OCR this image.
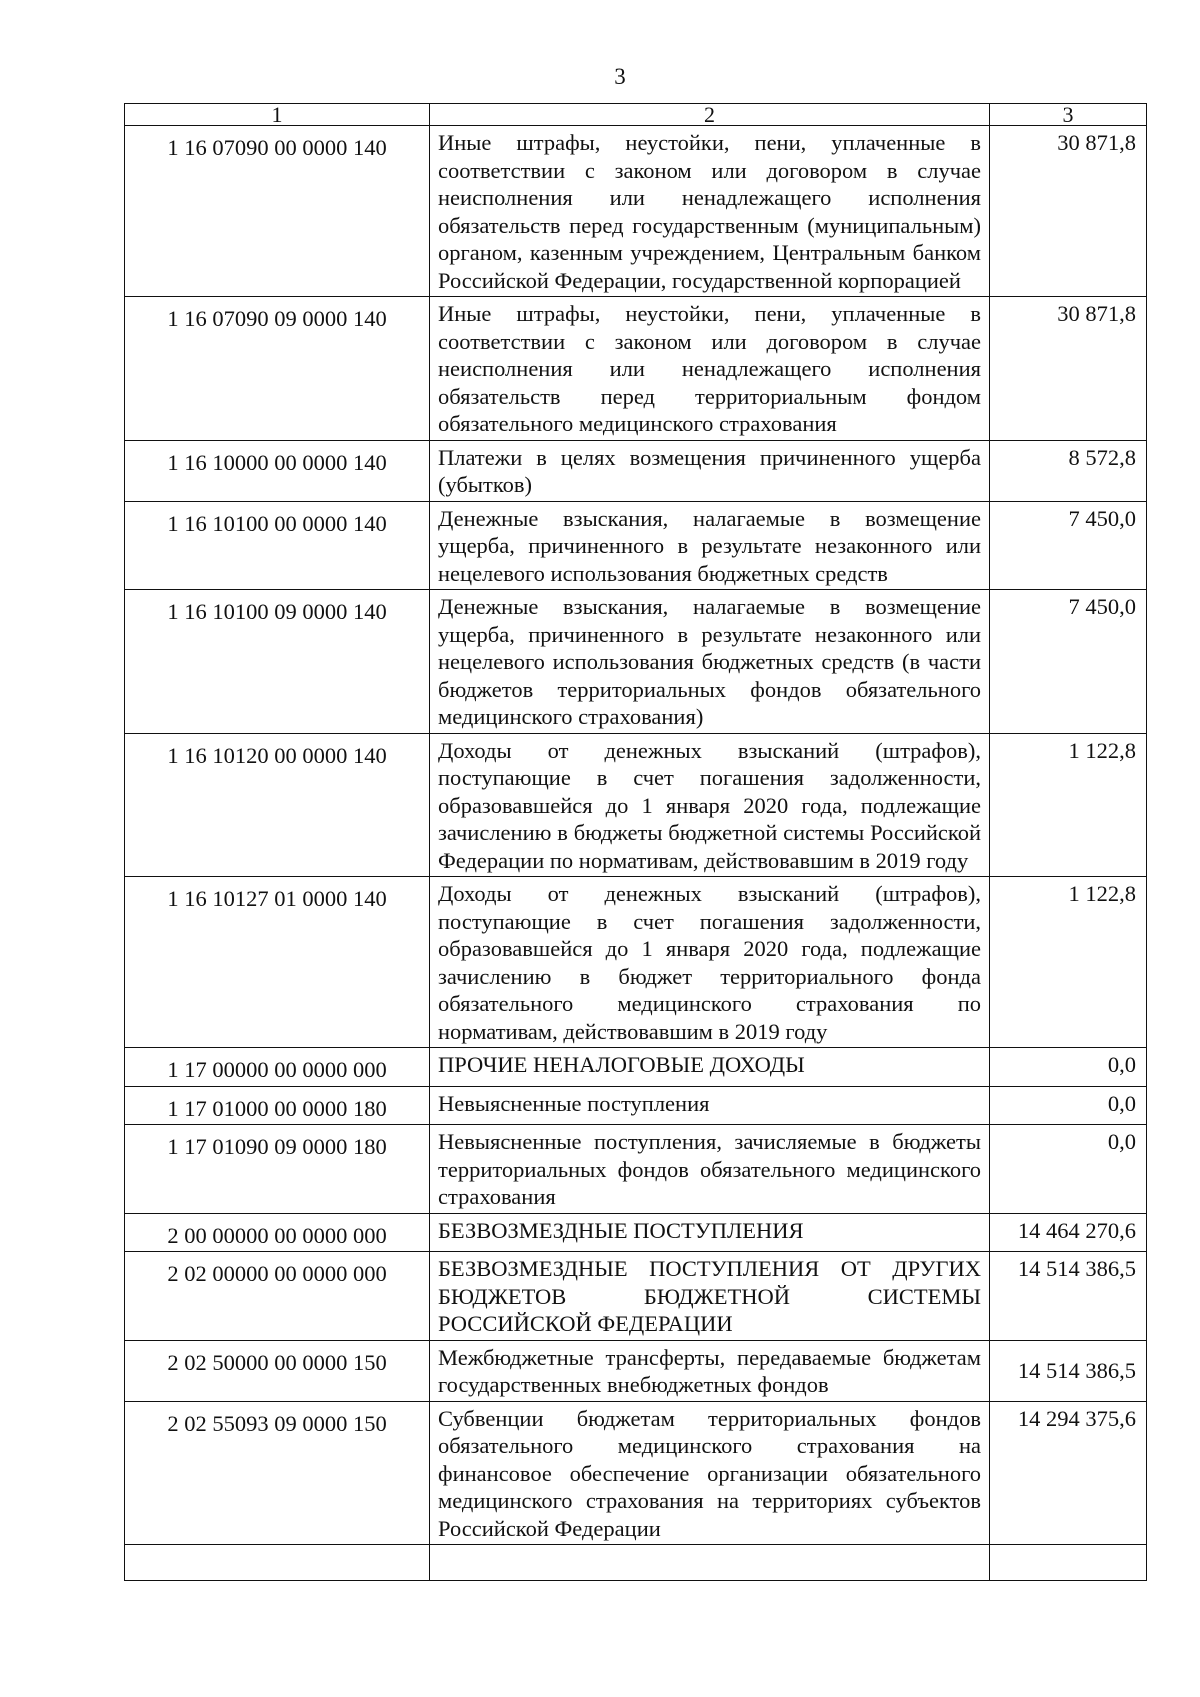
3
1	2	3
1 16 07090 00 0000 140	Иные штрафы, неустойки, пени, уплаченные в соответствии с законом или договором в случае неисполнения или ненадлежащего исполнения обязательств перед государственным (муниципальным) органом, казенным учреждением, Центральным банком Российской Федерации, государственной корпорацией	30 871,8
1 16 07090 09 0000 140	Иные штрафы, неустойки, пени, уплаченные в соответствии с законом или договором в случае неисполнения или ненадлежащего исполнения обязательств перед территориальным фондом обязательного медицинского страхования	30 871,8
1 16 10000 00 0000 140	Платежи в целях возмещения причиненного ущерба (убытков)	8 572,8
1 16 10100 00 0000 140	Денежные взыскания, налагаемые в возмещение ущерба, причиненного в результате незаконного или нецелевого использования бюджетных средств	7 450,0
1 16 10100 09 0000 140	Денежные взыскания, налагаемые в возмещение ущерба, причиненного в результате незаконного или нецелевого использования бюджетных средств (в части бюджетов территориальных фондов обязательного медицинского страхования)	7 450,0
1 16 10120 00 0000 140	Доходы от денежных взысканий (штрафов), поступающие в счет погашения задолженности, образовавшейся до 1 января 2020 года, подлежащие зачислению в бюджеты бюджетной системы Российской Федерации по нормативам, действовавшим в 2019 году	1 122,8
1 16 10127 01 0000 140	Доходы от денежных взысканий (штрафов), поступающие в счет погашения задолженности, образовавшейся до 1 января 2020 года, подлежащие зачислению в бюджет территориального фонда обязательного медицинского страхования по нормативам, действовавшим в 2019 году	1 122,8
1 17 00000 00 0000 000	ПРОЧИЕ НЕНАЛОГОВЫЕ ДОХОДЫ	0,0
1 17 01000 00 0000 180	Невыясненные поступления	0,0
1 17 01090 09 0000 180	Невыясненные поступления, зачисляемые в бюджеты территориальных фондов обязательного медицинского страхования	0,0
2 00 00000 00 0000 000	БЕЗВОЗМЕЗДНЫЕ ПОСТУПЛЕНИЯ	14 464 270,6
2 02 00000 00 0000 000	БЕЗВОЗМЕЗДНЫЕ ПОСТУПЛЕНИЯ ОТ ДРУГИХ БЮДЖЕТОВ БЮДЖЕТНОЙ СИСТЕМЫ РОССИЙСКОЙ ФЕДЕРАЦИИ	14 514 386,5
2 02 50000 00 0000 150	Межбюджетные трансферты, передаваемые бюджетам государственных внебюджетных фондов	14 514 386,5
2 02 55093 09 0000 150	Субвенции бюджетам территориальных фондов обязательного медицинского страхования на финансовое обеспечение организации обязательного медицинского страхования на территориях субъектов Российской Федерации	14 294 375,6
